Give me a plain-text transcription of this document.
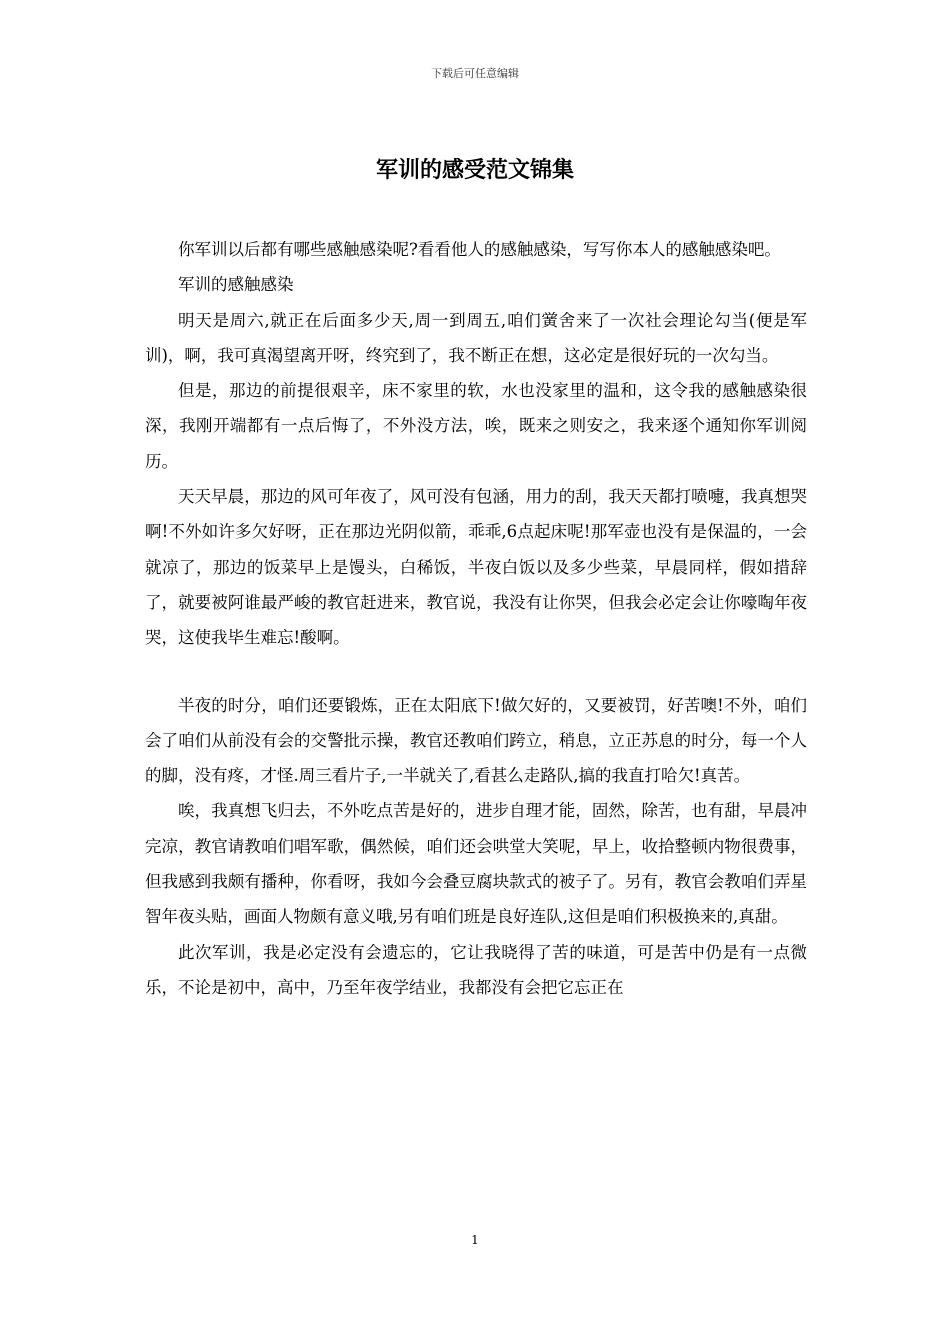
下载后可任意编辑
军训的感受范文锦集

你军训以后都有哪些感触感染呢?看看他人的感触感染，写写你本人的感触感染吧。

军训的感触感染

明天是周六,就正在后面多少天,周一到周五,咱们黉舍来了一次社会理论勾当(便是军训)，啊，我可真渴望离开呀，终究到了，我不断正在想，这必定是很好玩的一次勾当。

但是，那边的前提很艰辛，床不家里的软，水也没家里的温和，这令我的感触感染很深，我刚开端都有一点后悔了，不外没方法，唉，既来之则安之，我来逐个通知你军训阅历。

天天早晨，那边的风可年夜了，风可没有包涵，用力的刮，我天天都打喷嚏，我真想哭啊!不外如许多欠好呀，正在那边光阴似箭，乖乖,6点起床呢!那军壶也没有是保温的，一会就凉了，那边的饭菜早上是馒头，白稀饭，半夜白饭以及多少些菜，早晨同样，假如措辞了，就要被阿谁最严峻的教官赶进来，教官说，我没有让你哭，但我会必定会让你嚎啕年夜哭，这使我毕生难忘!酸啊。

半夜的时分，咱们还要锻炼，正在太阳底下!做欠好的，又要被罚，好苦噢!不外，咱们会了咱们从前没有会的交警批示操，教官还教咱们跨立，稍息，立正苏息的时分，每一个人的脚，没有疼，才怪.周三看片子,一半就关了,看甚么走路队,搞的我直打哈欠!真苦。

唉，我真想飞归去，不外吃点苦是好的，进步自理才能，固然，除苦，也有甜，早晨冲完凉，教官请教咱们唱军歌，偶然候，咱们还会哄堂大笑呢，早上，收拾整顿内物很费事，但我感到我颇有播种，你看呀，我如今会叠豆腐块款式的被子了。另有，教官会教咱们弄星智年夜头贴，画面人物颇有意义哦,另有咱们班是良好连队,这但是咱们积极换来的,真甜。

此次军训，我是必定没有会遗忘的，它让我晓得了苦的味道，可是苦中仍是有一点微乐，不论是初中，高中，乃至年夜学结业，我都没有会把它忘正在

1
